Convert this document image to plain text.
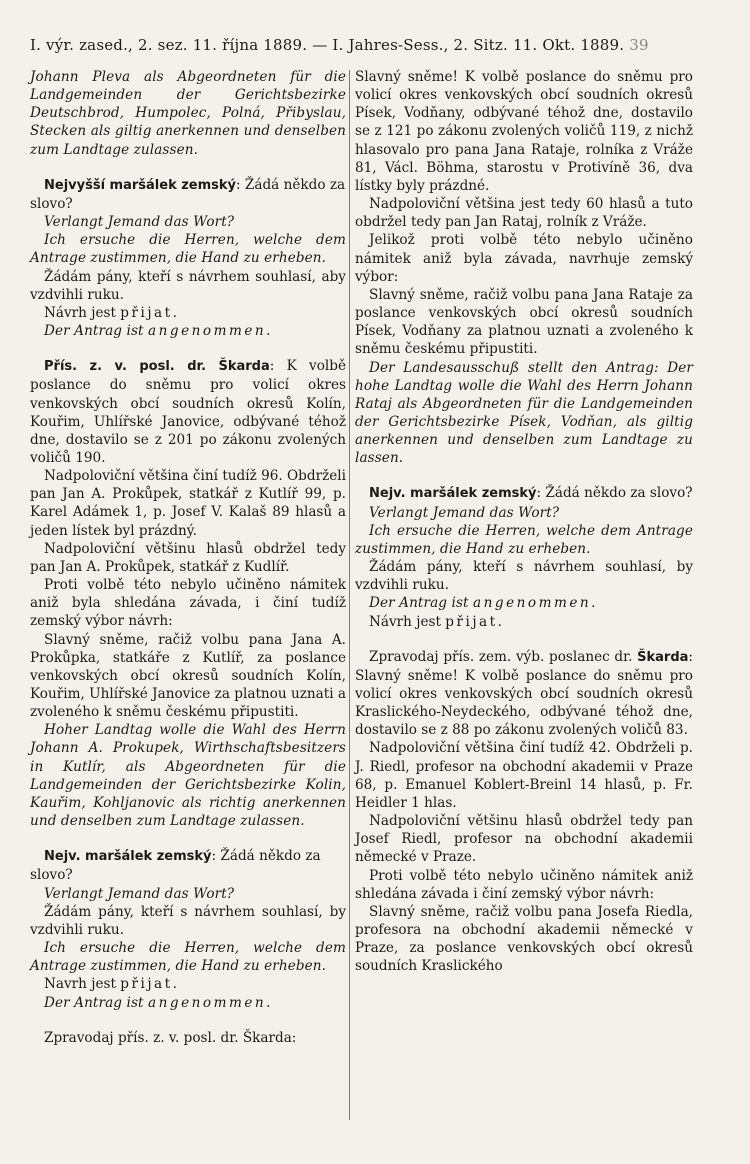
I. výr. zased., 2. sez. 11. října 1889. — I. Jahres-Sess., 2. Sitz. 11. Okt. 1889. 39

Johann Pleva als Abgeordneten für die Landgemeinden der Gerichtsbezirke Deutschbrod, Humpolec, Polná, Přibyslau, Stecken als giltig anerkennen und denselben zum Landtage zulassen.

Nejvyšší maršálek zemský: Žádá někdo za slovo?

Verlangt Jemand das Wort?

Ich ersuche die Herren, welche dem Antrage zustimmen, die Hand zu erheben.

Žádám pány, kteří s návrhem souhlasí, aby vzdvihli ruku.

Návrh jest přijat.

Der Antrag ist angenommen.

Přís. z. v. posl. dr. Škarda: K volbě poslance do sněmu pro volicí okres venkovských obcí soudních okresů Kolín, Kouřim, Uhlířské Janovice, odbývané téhož dne, dostavilo se z 201 po zákonu zvolených voličů 190.

Nadpoloviční většina činí tudíž 96. Obdrželi pan Jan A. Prokůpek, statkář z Kutlíř 99, p. Karel Adámek 1, p. Josef V. Kalaš 89 hlasů a jeden lístek byl prázdný.

Nadpoloviční většinu hlasů obdržel tedy pan Jan A. Prokůpek, statkář z Kudlíř.

Proti volbě této nebylo učiněno námitek aniž byla shledána závada, i činí tudíž zemský výbor návrh:

Slavný sněme, račiž volbu pana Jana A. Prokůpka, statkáře z Kutlíř, za poslance venkovských obcí okresů soudních Kolín, Kouřim, Uhlířské Janovice za platnou uznati a zvoleného k sněmu českému připustiti.

Hoher Landtag wolle die Wahl des Herrn Johann A. Prokupek, Wirthschaftsbesitzers in Kutlír, als Abgeordneten für die Landgemeinden der Gerichtsbezirke Kolin, Kauřim, Kohljanovic als richtig anerkennen und denselben zum Landtage zulassen.

Nejv. maršálek zemský: Žádá někdo za slovo?

Verlangt Jemand das Wort?

Žádám pány, kteří s návrhem souhlasí, by vzdvihli ruku.

Ich ersuche die Herren, welche dem Antrage zustimmen, die Hand zu erheben.

Navrh jest přijat.

Der Antrag ist angenommen.

Zpravodaj přís. z. v. posl. dr. Škarda:

Slavný sněme! K volbě poslance do sněmu pro volicí okres venkovských obcí soudních okresů Písek, Vodňany, odbývané téhož dne, dostavilo se z 121 po zákonu zvolených voličů 119, z nichž hlasovalo pro pana Jana Rataje, rolníka z Vráže 81, Václ. Böhma, starostu v Protivíně 36, dva lístky byly prázdné.

Nadpoloviční většina jest tedy 60 hlasů a tuto obdržel tedy pan Jan Rataj, rolník z Vráže.

Jelikož proti volbě této nebylo učiněno námitek aniž byla závada, navrhuje zemský výbor:

Slavný sněme, račiž volbu pana Jana Rataje za poslance venkovských obcí okresů soudních Písek, Vodňany za platnou uznati a zvoleného k sněmu českému připustiti.

Der Landesausschuß stellt den Antrag: Der hohe Landtag wolle die Wahl des Herrn Johann Rataj als Abgeordneten für die Landgemeinden der Gerichtsbezirke Písek, Vodňan, als giltig anerkennen und denselben zum Landtage zu lassen.

Nejv. maršálek zemský: Žádá někdo za slovo?

Verlangt Jemand das Wort?

Ich ersuche die Herren, welche dem Antrage zustimmen, die Hand zu erheben.

Žádám pány, kteří s návrhem souhlasí, by vzdvihli ruku.

Der Antrag ist angenommen.

Návrh jest přijat.

Zpravodaj přís. zem. výb. poslanec dr. Škarda: Slavný sněme! K volbě poslance do sněmu pro volicí okres venkovských obcí soudních okresů Kraslického-Neydeckého, odbývané téhož dne, dostavilo se z 88 po zákonu zvolených voličů 83.

Nadpoloviční většina činí tudíž 42. Obdrželi p. J. Riedl, profesor na obchodní akademii v Praze 68, p. Emanuel Koblert-Breinl 14 hlasů, p. Fr. Heidler 1 hlas.

Nadpoloviční většinu hlasů obdržel tedy pan Josef Riedl, profesor na obchodní akademii německé v Praze.

Proti volbě této nebylo učiněno námitek aniž shledána závada i činí zemský výbor návrh:

Slavný sněme, račiž volbu pana Josefa Riedla, profesora na obchodní akademii německé v Praze, za poslance venkovských obcí okresů soudních Kraslického
